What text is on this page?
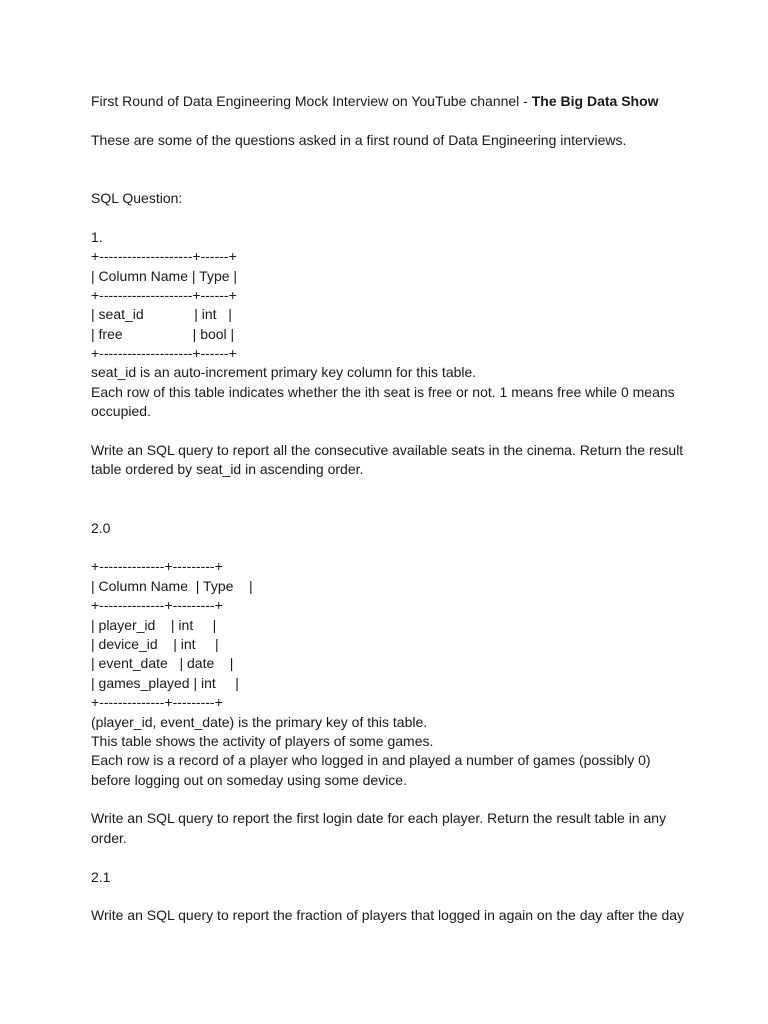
First Round of Data Engineering Mock Interview on YouTube channel - The Big Data Show
These are some of the questions asked in a first round of Data Engineering interviews.
SQL Question:
1.
+--------------------+------+
| Column Name | Type |
+--------------------+------+
| seat_id             | int   |
| free                  | bool |
+--------------------+------+
seat_id is an auto-increment primary key column for this table.
Each row of this table indicates whether the ith seat is free or not. 1 means free while 0 means
occupied.
Write an SQL query to report all the consecutive available seats in the cinema. Return the result
table ordered by seat_id in ascending order.
2.0
+--------------+---------+
| Column Name  | Type    |
+--------------+---------+
| player_id    | int     |
| device_id    | int     |
| event_date   | date    |
| games_played | int     |
+--------------+---------+
(player_id, event_date) is the primary key of this table.
This table shows the activity of players of some games.
Each row is a record of a player who logged in and played a number of games (possibly 0)
before logging out on someday using some device.
Write an SQL query to report the first login date for each player. Return the result table in any
order.
2.1
Write an SQL query to report the fraction of players that logged in again on the day after the day
